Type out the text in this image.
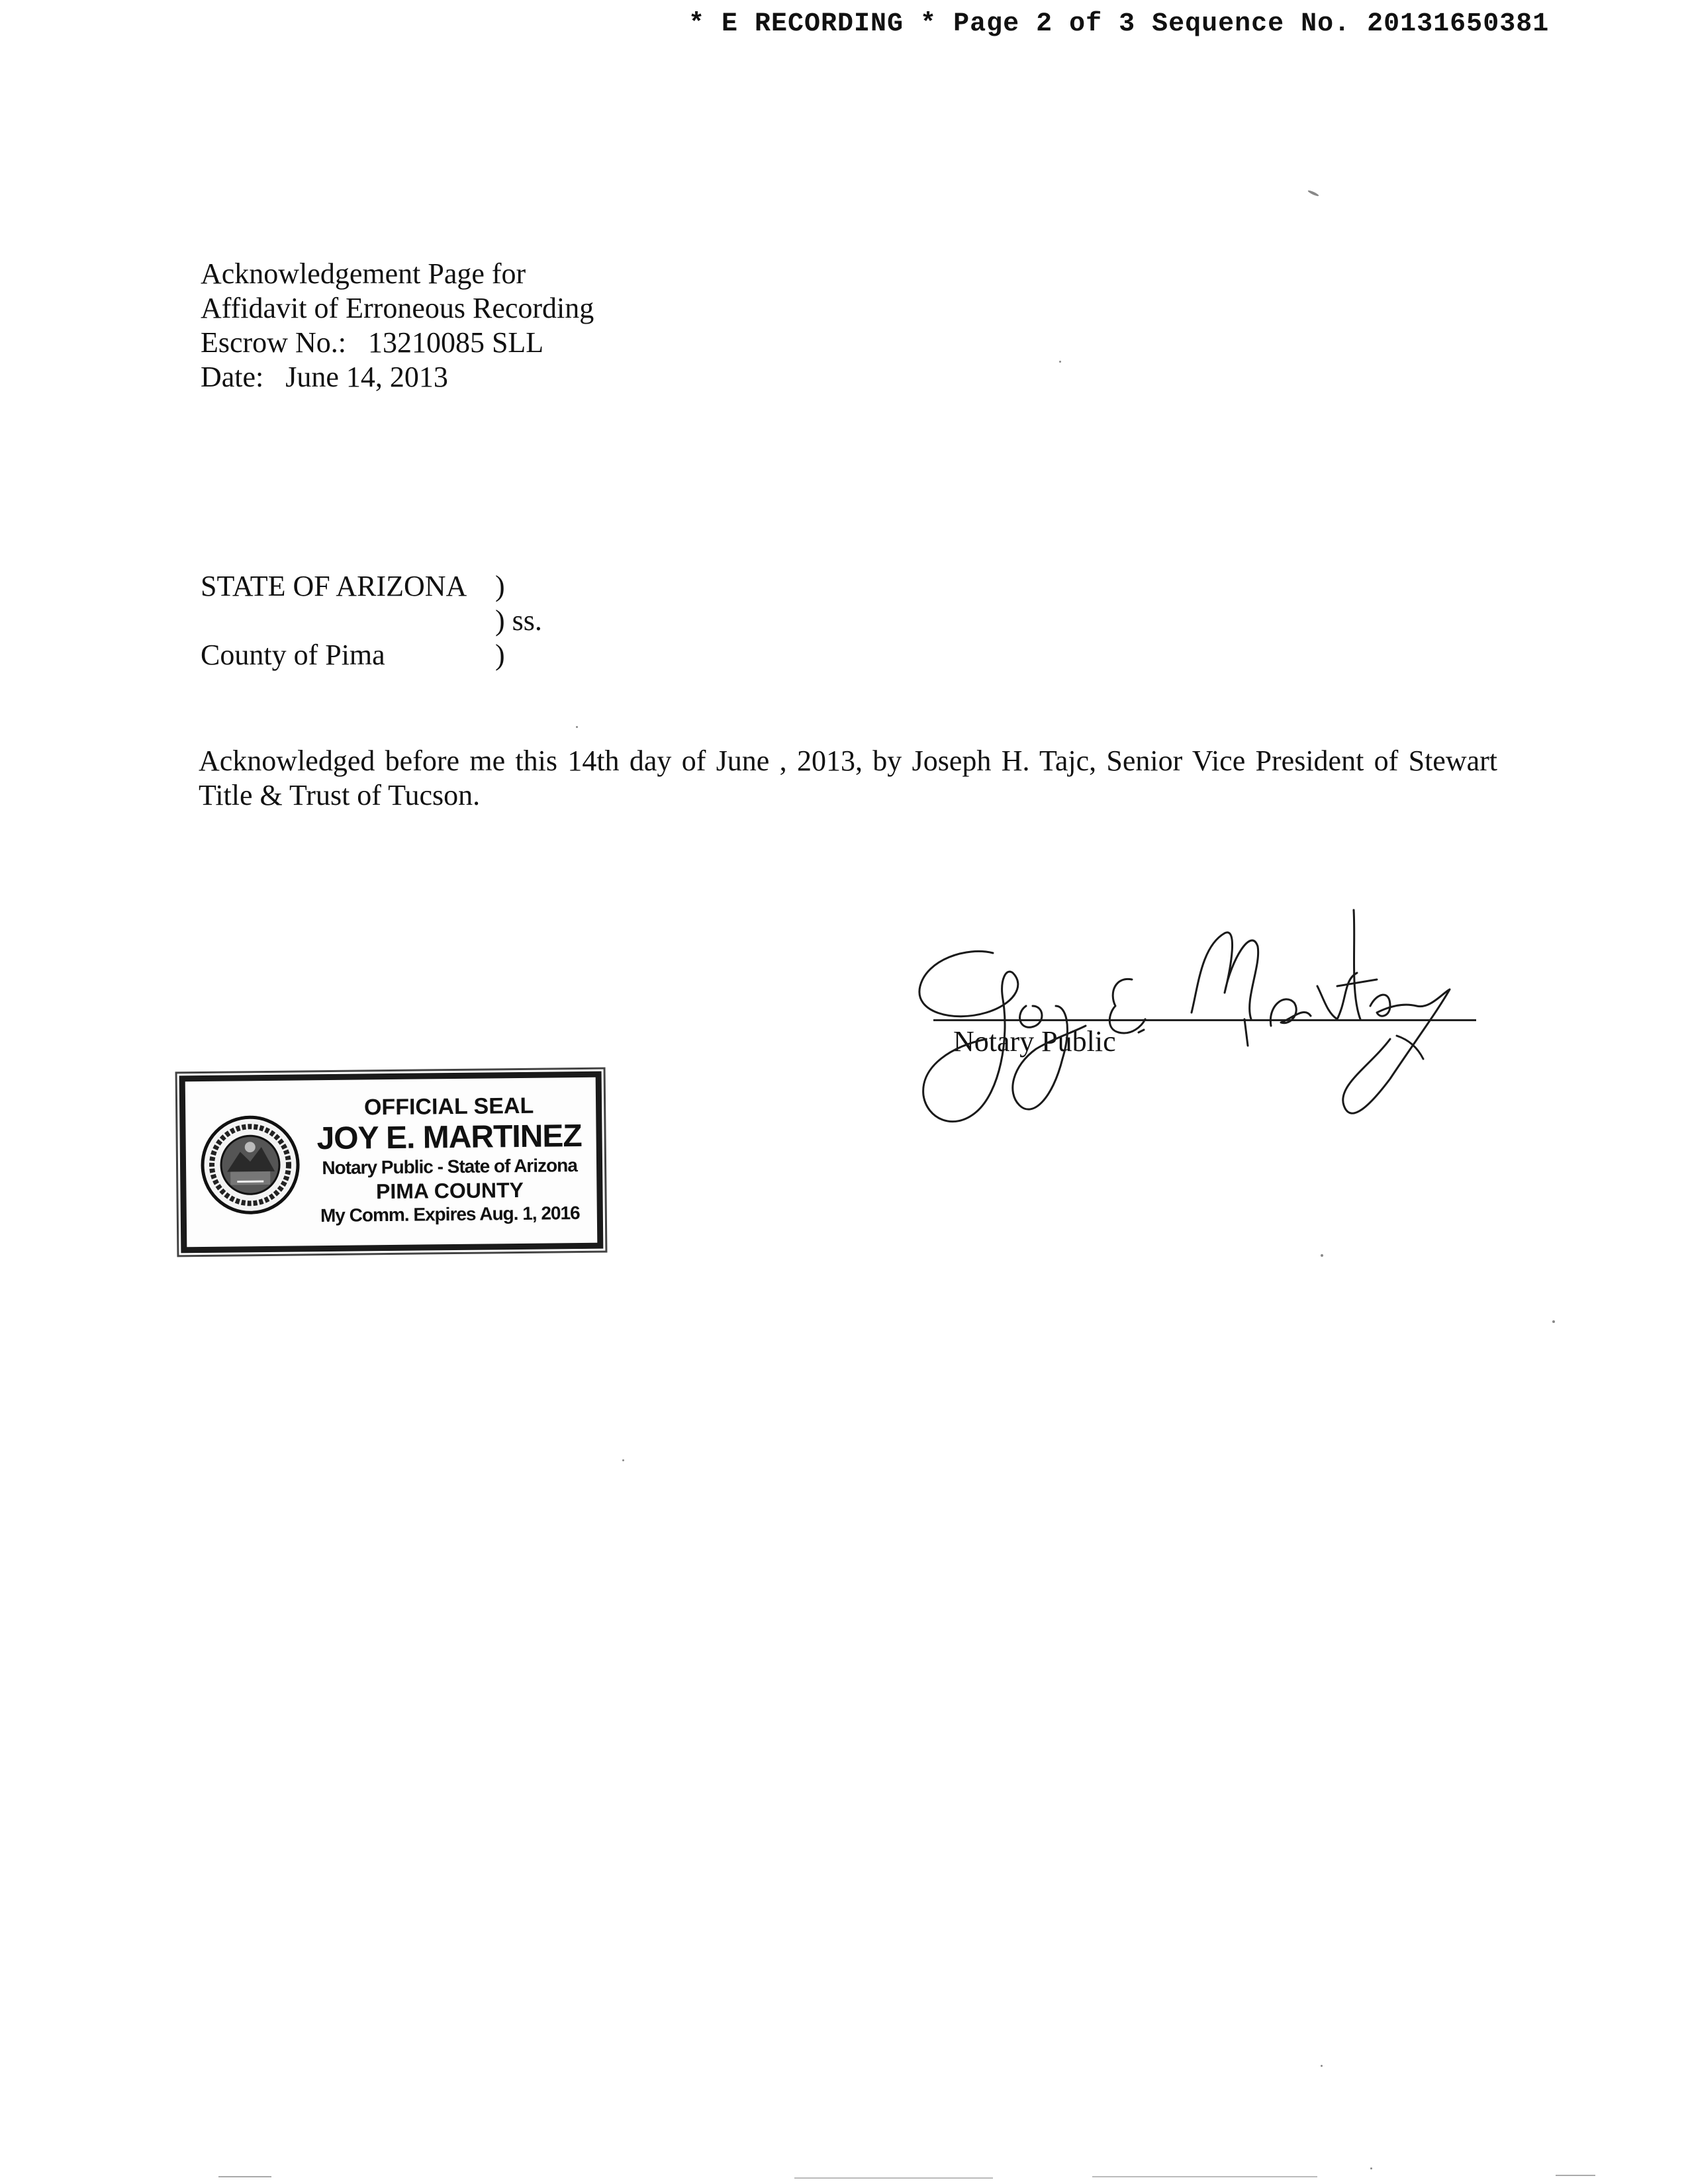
* E RECORDING * Page 2 of 3 Sequence No. 20131650381
Acknowledgement Page for
Affidavit of Erroneous Recording
Escrow No.:   13210085 SLL
Date:   June 14, 2013
STATE OF ARIZONA )
) ss.
County of Pima	)
Acknowledged before me this 14th day of June , 2013, by Joseph H. Tajc, Senior Vice President of Stewart Title & Trust of Tucson.
Notary Public
OFFICIAL SEAL
JOY E. MARTINEZ
Notary Public - State of Arizona
PIMA COUNTY
My Comm. Expires Aug. 1, 2016
